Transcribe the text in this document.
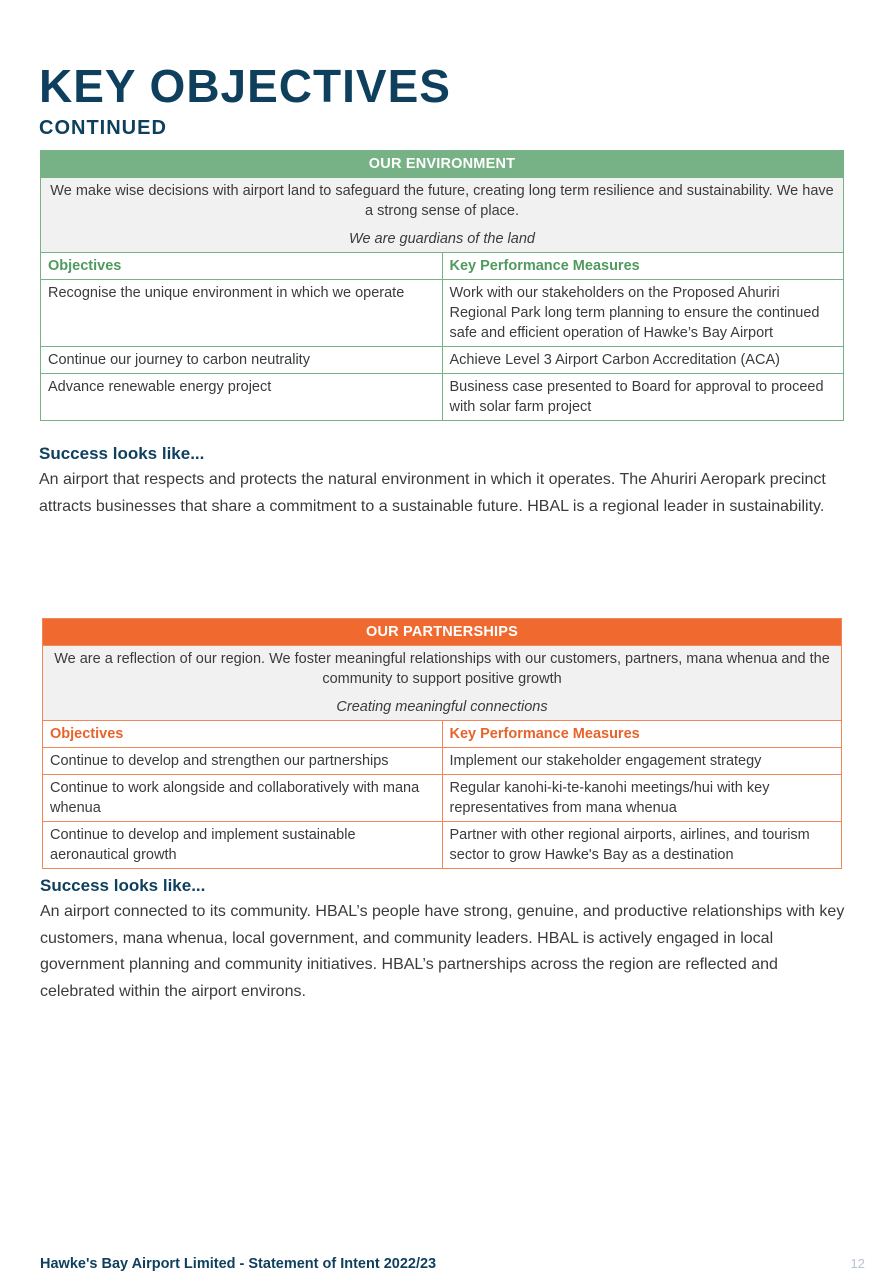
KEY OBJECTIVES
CONTINUED
OUR ENVIRONMENT	

We make wise decisions with airport land to safeguard the future, creating long term resilience and sustainability. We have a strong sense of place.

We are guardians of the land	

Objectives	Key Performance Measures
Recognise the unique environment in which we operate	Work with our stakeholders on the Proposed Ahuriri Regional Park long term planning to ensure the continued safe and efficient operation of Hawke’s Bay Airport
Continue our journey to carbon neutrality	Achieve Level 3 Airport Carbon Accreditation (ACA)
Advance renewable energy project	Business case presented to Board for approval to proceed with solar farm project
Success looks like...

An airport that respects and protects the natural environment in which it operates. The Ahuriri Aeropark precinct attracts businesses that share a commitment to a sustainable future. HBAL is a regional leader in sustainability.

OUR PARTNERSHIPS	

We are a reflection of our region. We foster meaningful relationships with our customers, partners, mana whenua and the community to support positive growth

Creating meaningful connections	

Objectives	Key Performance Measures
Continue to develop and strengthen our partnerships	Implement our stakeholder engagement strategy
Continue to work alongside and collaboratively with mana whenua	Regular kanohi-ki-te-kanohi meetings/hui with key representatives from mana whenua
Continue to develop and implement sustainable aeronautical growth	Partner with other regional airports, airlines, and tourism sector to grow Hawke's Bay as a destination
Success looks like...

An airport connected to its community. HBAL’s people have strong, genuine, and productive relationships with key customers, mana whenua, local government, and community leaders. HBAL is actively engaged in local government planning and community initiatives. HBAL’s partnerships across the region are reflected and celebrated within the airport environs.

Hawke's Bay Airport Limited - Statement of Intent 2022/23	12
